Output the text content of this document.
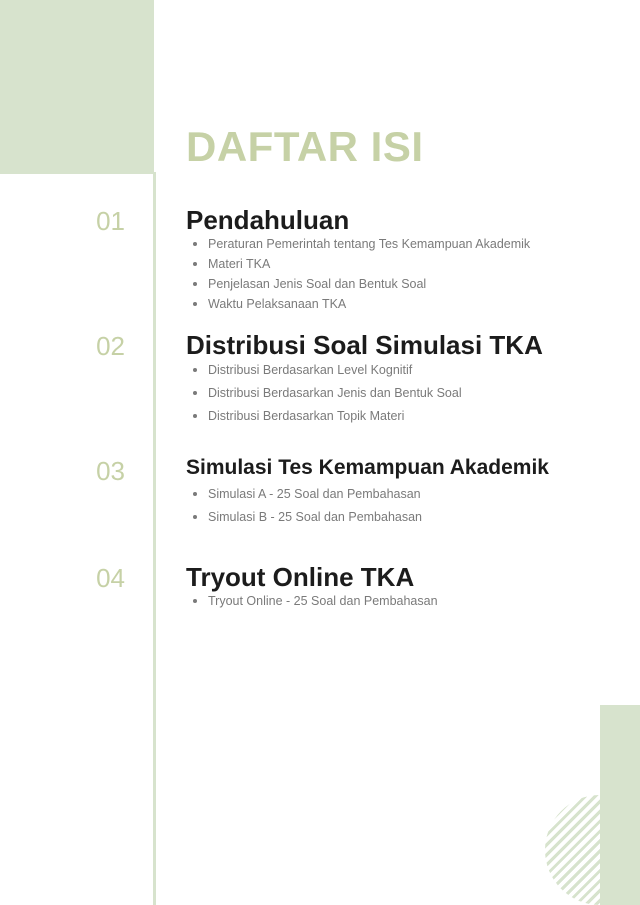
DAFTAR ISI
01 Pendahuluan
Peraturan Pemerintah tentang Tes Kemampuan Akademik
Materi TKA
Penjelasan Jenis Soal dan Bentuk Soal
Waktu Pelaksanaan TKA
02 Distribusi Soal Simulasi TKA
Distribusi Berdasarkan Level Kognitif
Distribusi Berdasarkan Jenis dan Bentuk Soal
Distribusi Berdasarkan Topik Materi
03	Simulasi Tes Kemampuan Akademik
Simulasi A - 25 Soal dan Pembahasan
Simulasi B - 25 Soal dan Pembahasan
04 Tryout Online TKA
Tryout Online - 25 Soal dan Pembahasan
